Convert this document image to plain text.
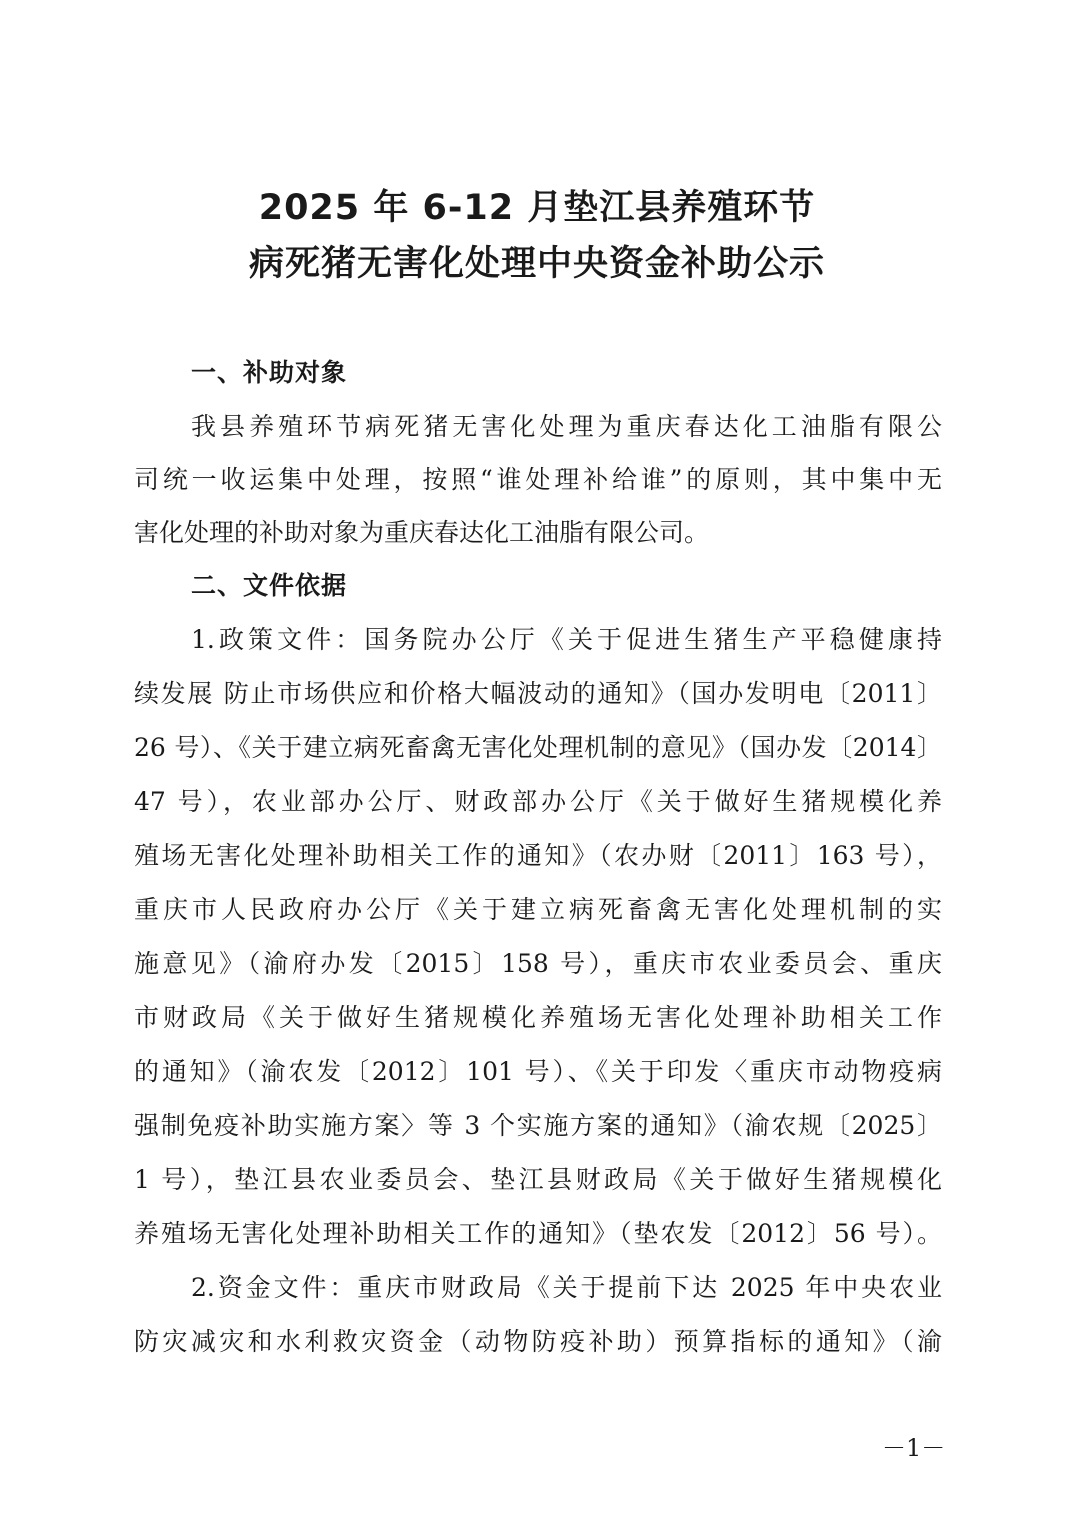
2025 年 6-12 月垫江县养殖环节
病死猪无害化处理中央资金补助公示
一、补助对象

我县养殖环节病死猪无害化处理为重庆春达化工油脂有限公

司统一收运集中处理，按照“谁处理补给谁”的原则，其中集中无

害化处理的补助对象为重庆春达化工油脂有限公司。

二、文件依据

1.政策文件：国务院办公厅《关于促进生猪生产平稳健康持

续发展 防止市场供应和价格大幅波动的通知》（国办发明电〔2011〕

26 号）、《关于建立病死畜禽无害化处理机制的意见》（国办发〔2014〕

47 号），农业部办公厅、财政部办公厅《关于做好生猪规模化养

殖场无害化处理补助相关工作的通知》（农办财〔2011〕163 号），

重庆市人民政府办公厅《关于建立病死畜禽无害化处理机制的实

施意见》（渝府办发〔2015〕158 号），重庆市农业委员会、重庆

市财政局《关于做好生猪规模化养殖场无害化处理补助相关工作

的通知》（渝农发〔2012〕101 号）、《关于印发〈重庆市动物疫病

强制免疫补助实施方案〉等 3 个实施方案的通知》（渝农规〔2025〕

1 号），垫江县农业委员会、垫江县财政局《关于做好生猪规模化

养殖场无害化处理补助相关工作的通知》（垫农发〔2012〕56 号）。

2.资金文件：重庆市财政局《关于提前下达 2025 年中央农业

防灾减灾和水利救灾资金（动物防疫补助）预算指标的通知》（渝

－1－
